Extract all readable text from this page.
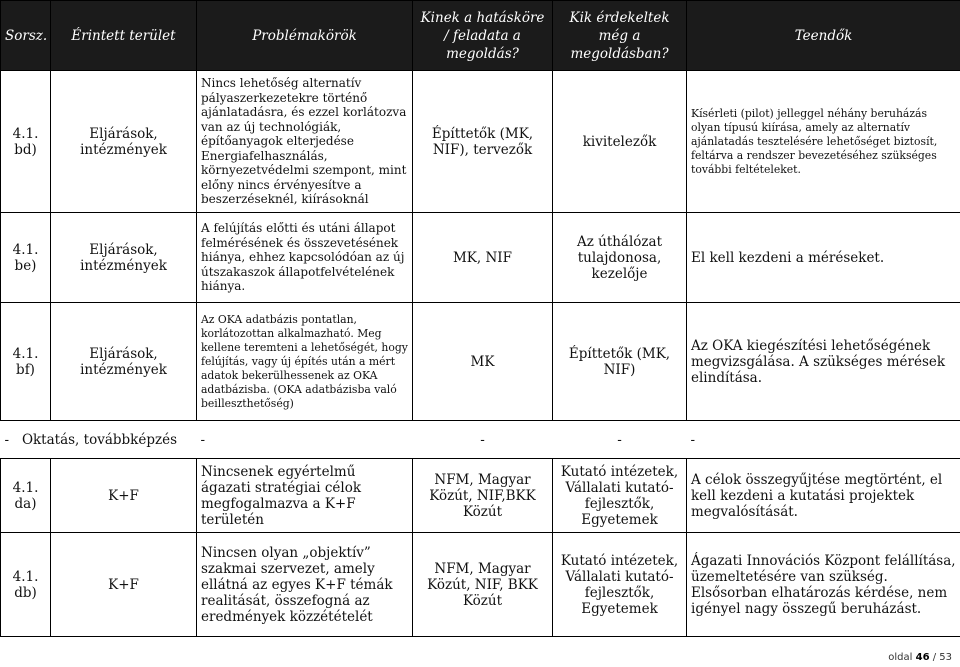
Sorsz.	Érintett terület	Problémakörök	Kinek a hatásköre / feladata a megoldás?	Kik érdekeltek még a megoldásban?	Teendők
4.1. bd)	Eljárások, intézmények	Nincs lehetőség alternatív pályaszerkezetekre történő ajánlatadásra, és ezzel korlátozva van az új technológiák, építőanyagok elterjedése Energiafelhasználás, környezetvédelmi szempont, mint előny nincs érvényesítve a beszerzéseknél, kiírásoknál	Építtetők (MK, NIF), tervezők	kivitelezők	Kísérleti (pilot) jelleggel néhány beruházás olyan típusú kiírása, amely az alternatív ajánlatadás tesztelésére lehetőséget biztosít, feltárva a rendszer bevezetéséhez szükséges további feltételeket.
4.1. be)	Eljárások, intézmények	A felújítás előtti és utáni állapot felmérésének és összevetésének hiánya, ehhez kapcsolódóan az új útszakaszok állapotfelvételének hiánya.	MK, NIF	Az úthálózat tulajdonosa, kezelője	El kell kezdeni a méréseket.
4.1. bf)	Eljárások, intézmények	Az OKA adatbázis pontatlan, korlátozottan alkalmazható. Meg kellene teremteni a lehetőségét, hogy felújítás, vagy új építés után a mért adatok bekerülhessenek az OKA adatbázisba. (OKA adatbázisba való beilleszthetőség)	MK	Építtetők (MK, NIF)	Az OKA kiegészítési lehetőségének megvizsgálása. A szükséges mérések elindítása.
- Oktatás, továbbképzés		-	-	-	-
4.1. da)	K+F	Nincsenek egyértelmű ágazati stratégiai célok megfogalmazva a K+F területén	NFM, Magyar Közút, NIF,BKK Közút	Kutató intézetek, Vállalati kutató-fejlesztők, Egyetemek	A célok összegyűjtése megtörtént, el kell kezdeni a kutatási projektek megvalósítását.
4.1. db)	K+F	Nincsen olyan „objektív” szakmai szervezet, amely ellátná az egyes K+F témák realitását, összefogná az eredmények közzétételét	NFM, Magyar Közút, NIF, BKK Közút	Kutató intézetek, Vállalati kutató-fejlesztők, Egyetemek	Ágazati Innovációs Központ felállítása, üzemeltetésére van szükség. Elsősorban elhatározás kérdése, nem igényel nagy összegű beruházást.
oldal 46 / 53
